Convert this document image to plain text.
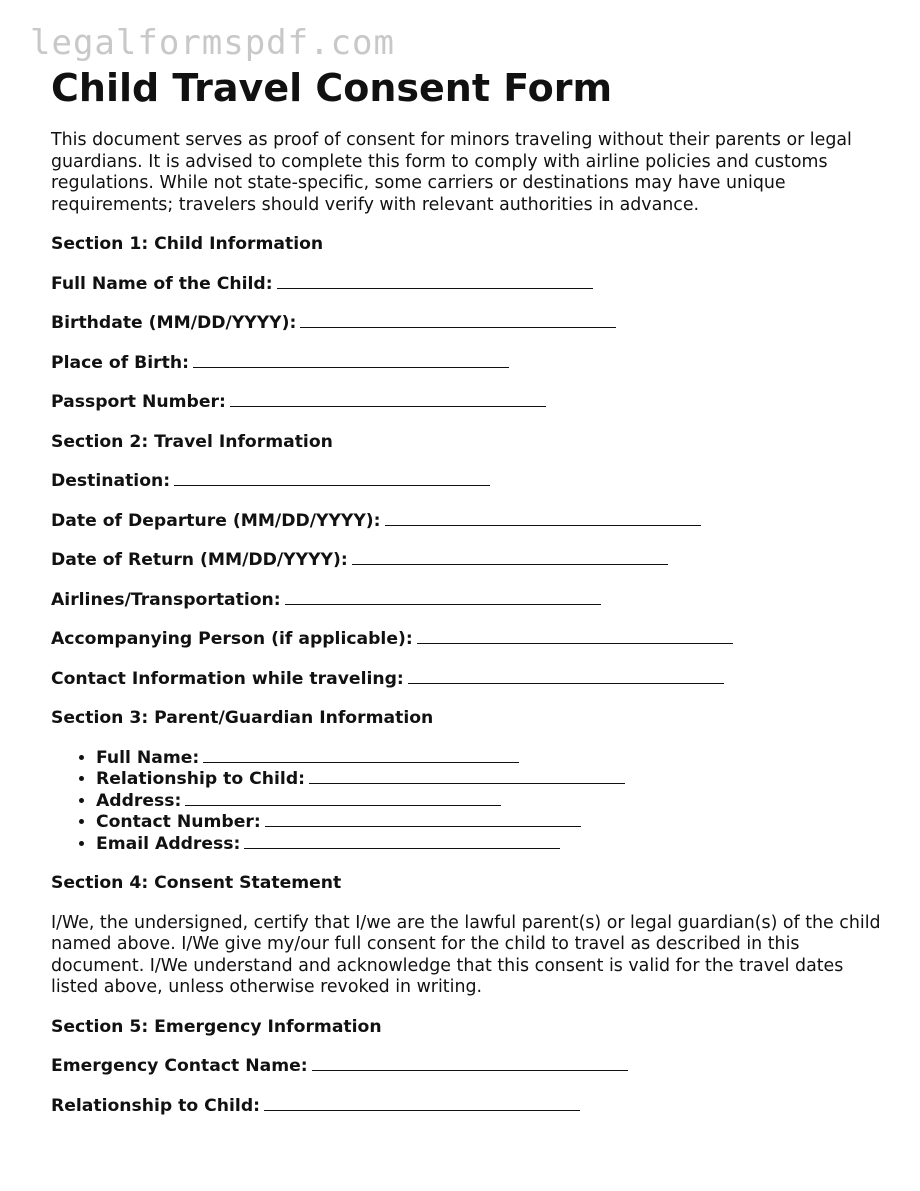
legalformspdf.com
Child Travel Consent Form

This document serves as proof of consent for minors traveling without their parents or legal guardians. It is advised to complete this form to comply with airline policies and customs regulations. While not state-specific, some carriers or destinations may have unique requirements; travelers should verify with relevant authorities in advance.

Section 1: Child Information
Full Name of the Child:
Birthdate (MM/DD/YYYY):
Place of Birth:
Passport Number:
Section 2: Travel Information
Destination:
Date of Departure (MM/DD/YYYY):
Date of Return (MM/DD/YYYY):
Airlines/Transportation:
Accompanying Person (if applicable):
Contact Information while traveling:
Section 3: Parent/Guardian Information
• Full Name:
• Relationship to Child:
• Address:
• Contact Number:
• Email Address:
Section 4: Consent Statement
I/We, the undersigned, certify that I/we are the lawful parent(s) or legal guardian(s) of the child named above. I/We give my/our full consent for the child to travel as described in this document. I/We understand and acknowledge that this consent is valid for the travel dates listed above, unless otherwise revoked in writing.
Section 5: Emergency Information
Emergency Contact Name:
Relationship to Child:
